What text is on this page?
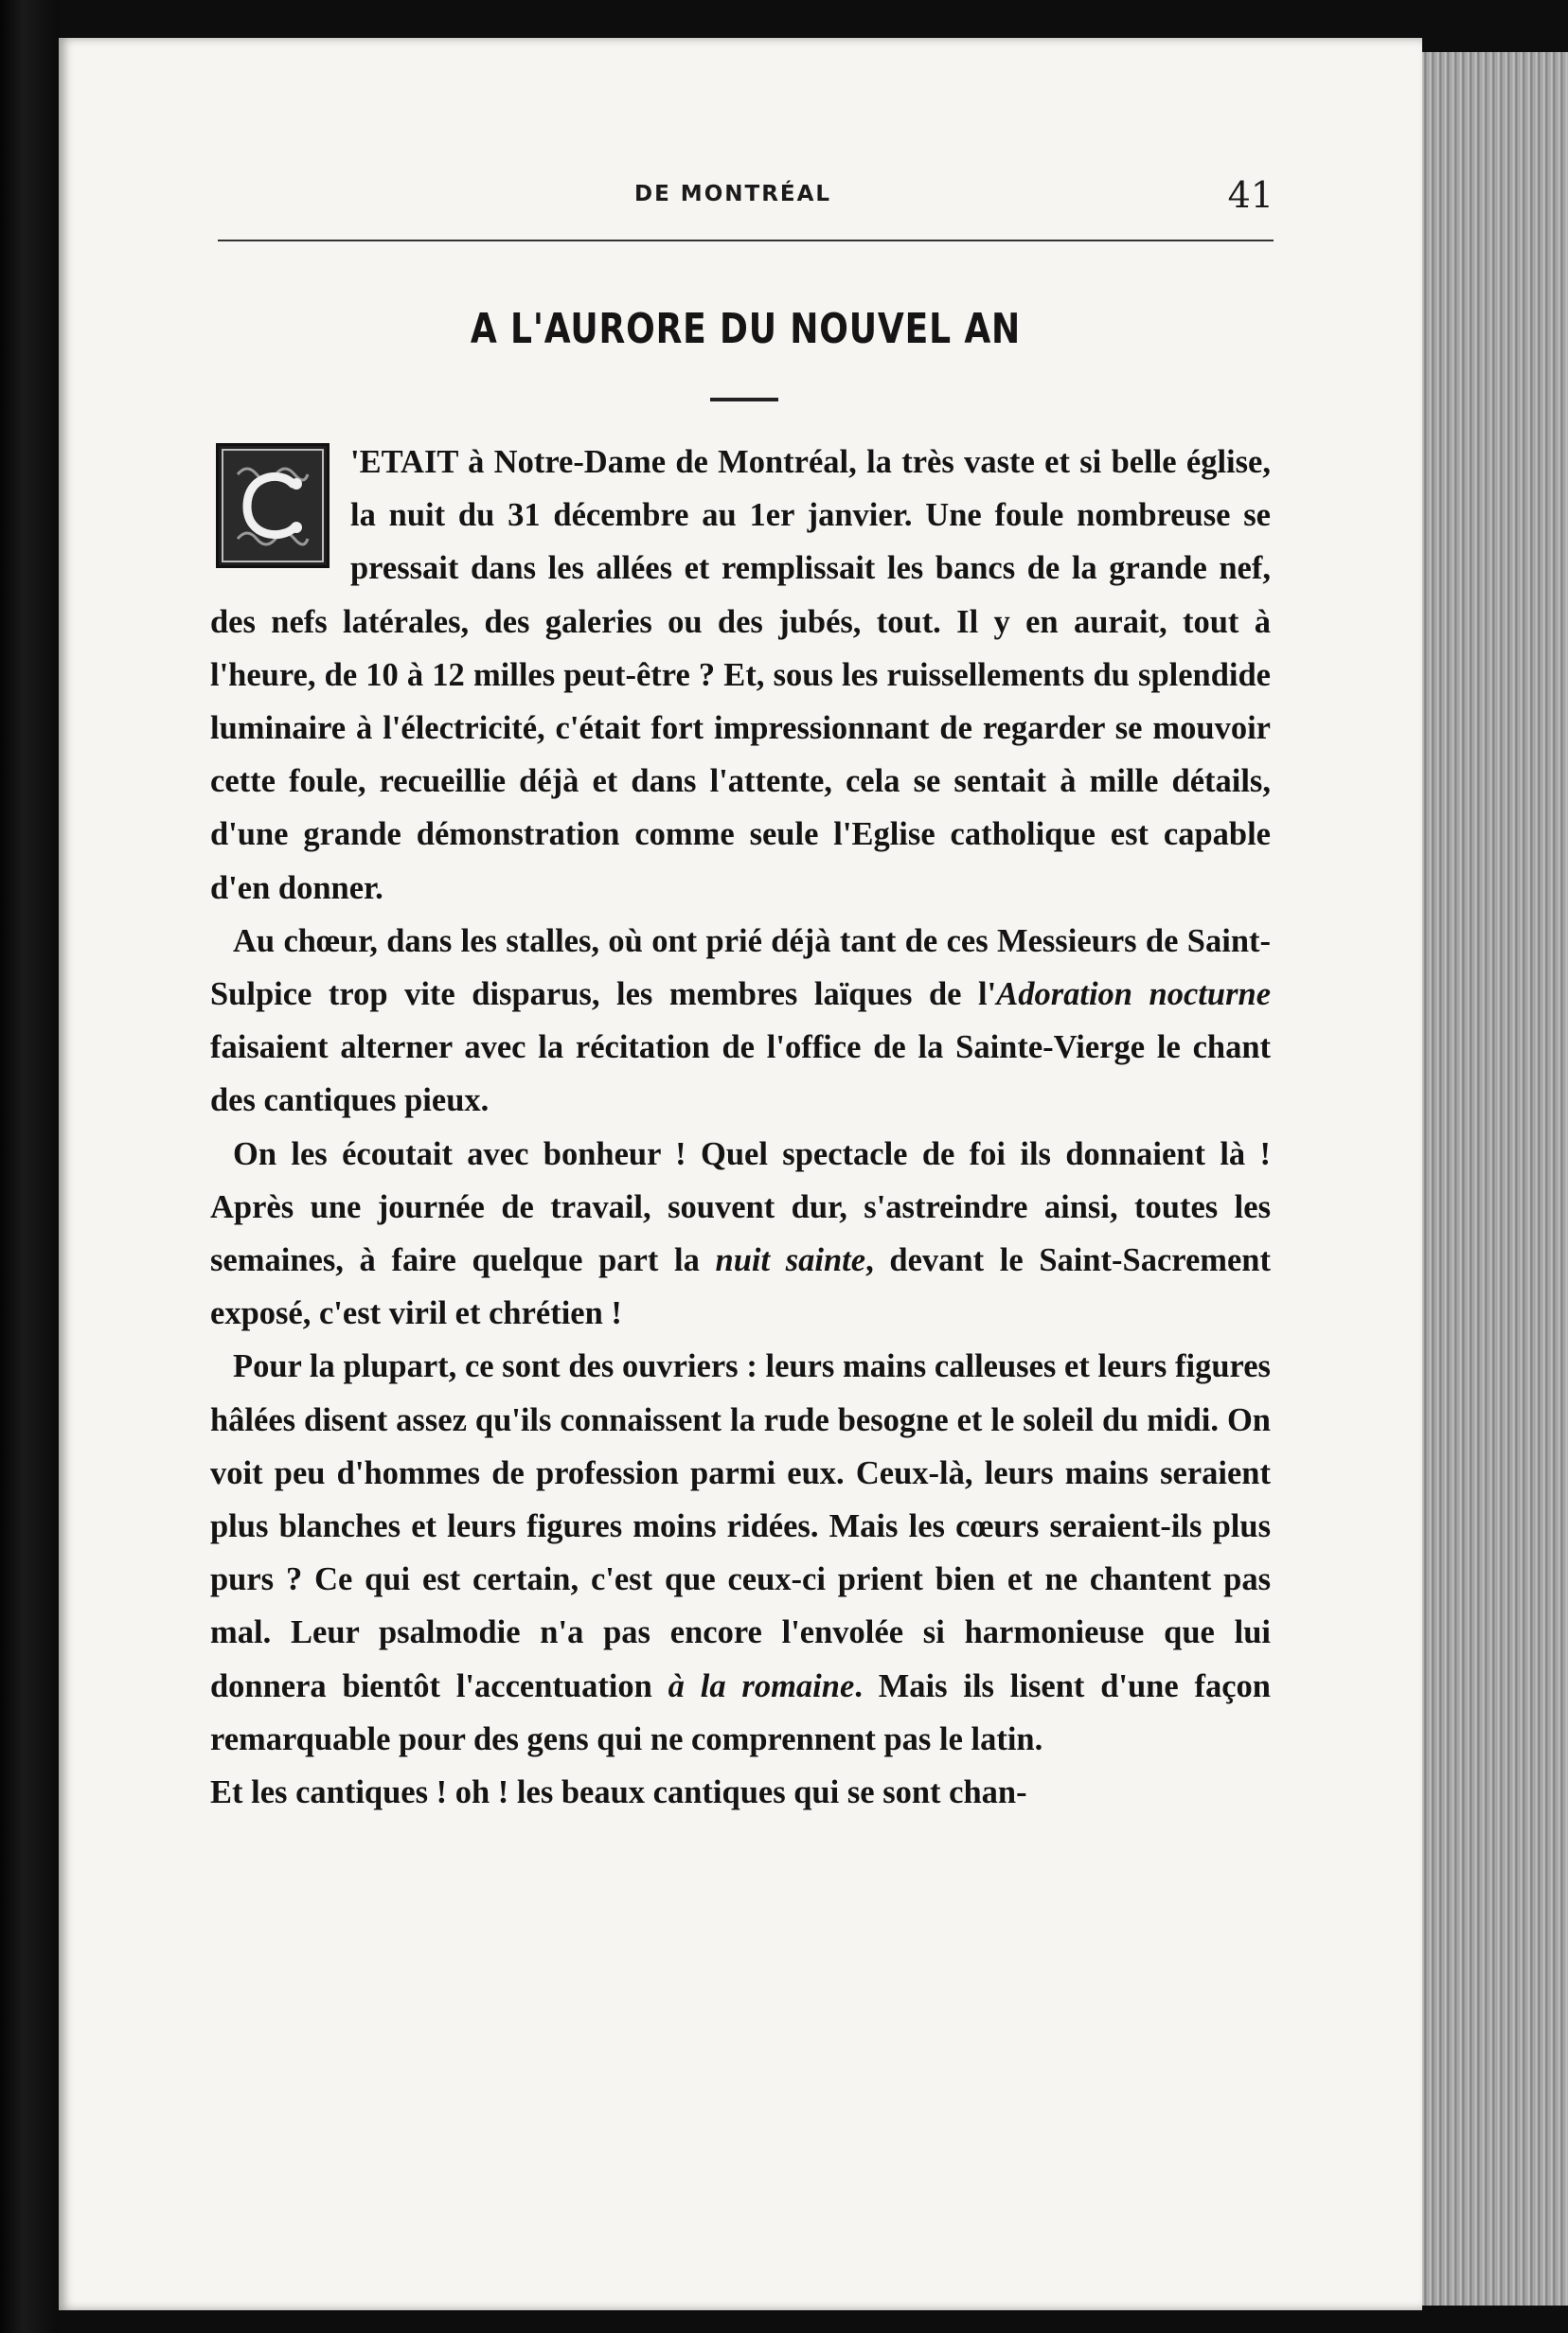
DE MONTRÉAL	41
A L'AURORE DU NOUVEL AN

'ETAIT à Notre-Dame de Montréal, la très vaste et si belle église, la nuit du 31 décembre au 1er janvier. Une foule nombreuse se pressait dans les allées et remplissait les bancs de la grande nef, des nefs latérales, des galeries ou des jubés, tout. Il y en aurait, tout à l'heure, de 10 à 12 milles peut-être ? Et, sous les ruissellements du splendide luminaire à l'électricité, c'était fort impressionnant de regarder se mouvoir cette foule, recueillie déjà et dans l'attente, cela se sentait à mille détails, d'une grande démonstration comme seule l'Eglise catholique est capable d'en donner.

Au chœur, dans les stalles, où ont prié déjà tant de ces Messieurs de Saint-Sulpice trop vite disparus, les membres laïques de l'Adoration nocturne faisaient alterner avec la récitation de l'office de la Sainte-Vierge le chant des cantiques pieux.

On les écoutait avec bonheur ! Quel spectacle de foi ils donnaient là ! Après une journée de travail, souvent dur, s'astreindre ainsi, toutes les semaines, à faire quelque part la nuit sainte, devant le Saint-Sacrement exposé, c'est viril et chrétien !

Pour la plupart, ce sont des ouvriers : leurs mains calleuses et leurs figures hâlées disent assez qu'ils connaissent la rude besogne et le soleil du midi. On voit peu d'hommes de profession parmi eux. Ceux-là, leurs mains seraient plus blanches et leurs figures moins ridées. Mais les cœurs seraient-ils plus purs ? Ce qui est certain, c'est que ceux-ci prient bien et ne chantent pas mal. Leur psalmodie n'a pas encore l'envolée si harmonieuse que lui donnera bientôt l'accentuation à la romaine. Mais ils lisent d'une façon remarquable pour des gens qui ne comprennent pas le latin.

Et les cantiques ! oh ! les beaux cantiques qui se sont chan-
